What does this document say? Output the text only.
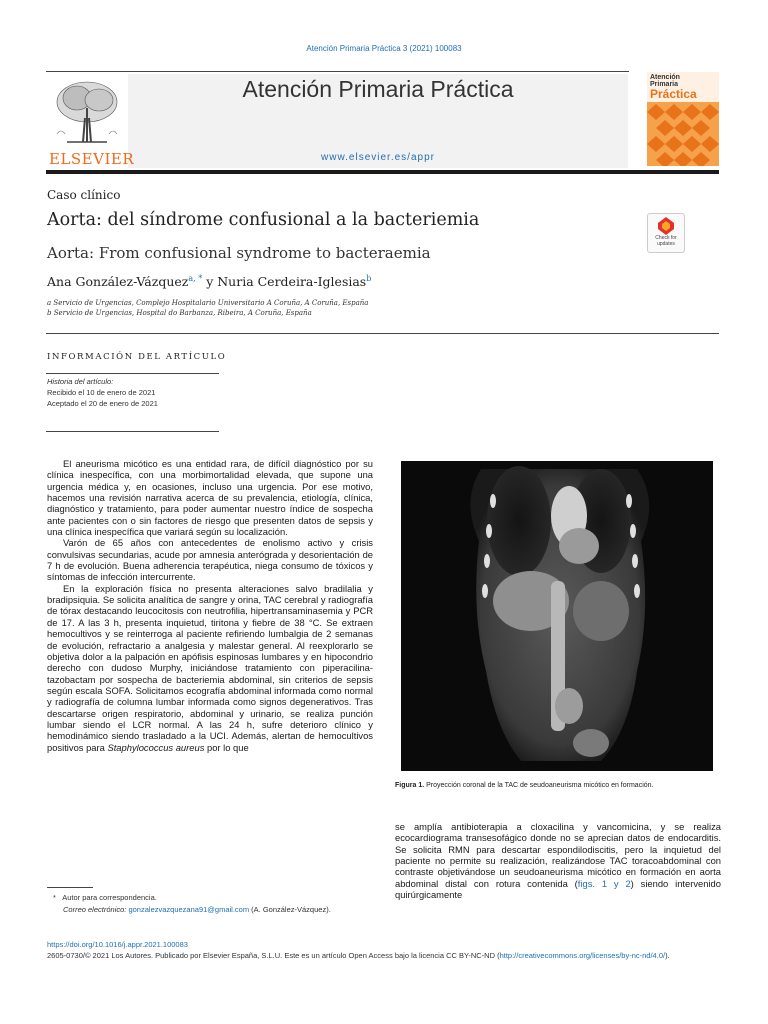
Atención Primaria Práctica 3 (2021) 100083
ELSEVIER
Atención Primaria Práctica
www.elsevier.es/appr
Atención
Primaria
Práctica
Caso clínico
Aorta: del síndrome confusional a la bacteriemia
Aorta: From confusional syndrome to bacteraemia
Check for updates
Ana González-Vázquez$^{a, *}$ y Nuria Cerdeira-Iglesias$^b$
a Servicio de Urgencias, Complejo Hospitalario Universitario A Coruña, A Coruña, España
b Servicio de Urgencias, Hospital do Barbanza, Ribeira, A Coruña, España
INFORMACIÓN DEL ARTÍCULO
Historia del artículo:
Recibido el 10 de enero de 2021
Aceptado el 20 de enero de 2021

El aneurisma micótico es una entidad rara, de difícil diagnóstico por su clínica inespecífica, con una morbimortalidad elevada, que supone una urgencia médica y, en ocasiones, incluso una urgencia. Por ese motivo, hacemos una revisión narrativa acerca de su prevalencia, etiología, clínica, diagnóstico y tratamiento, para poder aumentar nuestro índice de sospecha ante pacientes con o sin factores de riesgo que presenten datos de sepsis y una clínica inespecífica que variará según su localización.

Varón de 65 años con antecedentes de enolismo activo y crisis convulsivas secundarias, acude por amnesia anterógrada y desorientación de 7 h de evolución. Buena adherencia terapéutica, niega consumo de tóxicos y síntomas de infección intercurrente.

En la exploración física no presenta alteraciones salvo bradilalia y bradipsiquia. Se solicita analítica de sangre y orina, TAC cerebral y radiografía de tórax destacando leucocitosis con neutrofilia, hipertransaminasemia y PCR de 17. A las 3 h, presenta inquietud, tiritona y fiebre de 38 °C. Se extraen hemocultivos y se reinterroga al paciente refiriendo lumbalgia de 2 semanas de evolución, refractario a analgesia y malestar general. Al reexplorarlo se objetiva dolor a la palpación en apófisis espinosas lumbares y en hipocondrio derecho con dudoso Murphy, iniciándose tratamiento con piperacilina-tazobactam por sospecha de bacteriemia abdominal, sin criterios de sepsis según escala SOFA. Solicitamos ecografía abdominal informada como normal y radiografía de columna lumbar informada como signos degenerativos. Tras descartarse origen respiratorio, abdominal y urinario, se realiza punción lumbar siendo el LCR normal. A las 24 h, sufre deterioro clínico y hemodinámico siendo trasladado a la UCI. Además, alertan de hemocultivos positivos para Staphylococcus aureus por lo que

Figura 1. Proyección coronal de la TAC de seudoaneurisma micótico en formación.

se amplía antibioterapia a cloxacilina y vancomicina, y se realiza ecocardiograma transesofágico donde no se aprecian datos de endocarditis. Se solicita RMN para descartar espondilodiscitis, pero la inquietud del paciente no permite su realización, realizándose TAC toracoabdominal con contraste objetivándose un seudoaneurisma micótico en formación en aorta abdominal distal con rotura contenida (figs. 1 y 2) siendo intervenido quirúrgicamente

* Autor para correspondencia.
Correo electrónico: gonzalezvazquezana91@gmail.com (A. González-Vázquez).
https://doi.org/10.1016/j.appr.2021.100083
2605-0730/© 2021 Los Autores. Publicado por Elsevier España, S.L.U. Este es un artículo Open Access bajo la licencia CC BY-NC-ND (http://creativecommons.org/licenses/by-nc-nd/4.0/).
